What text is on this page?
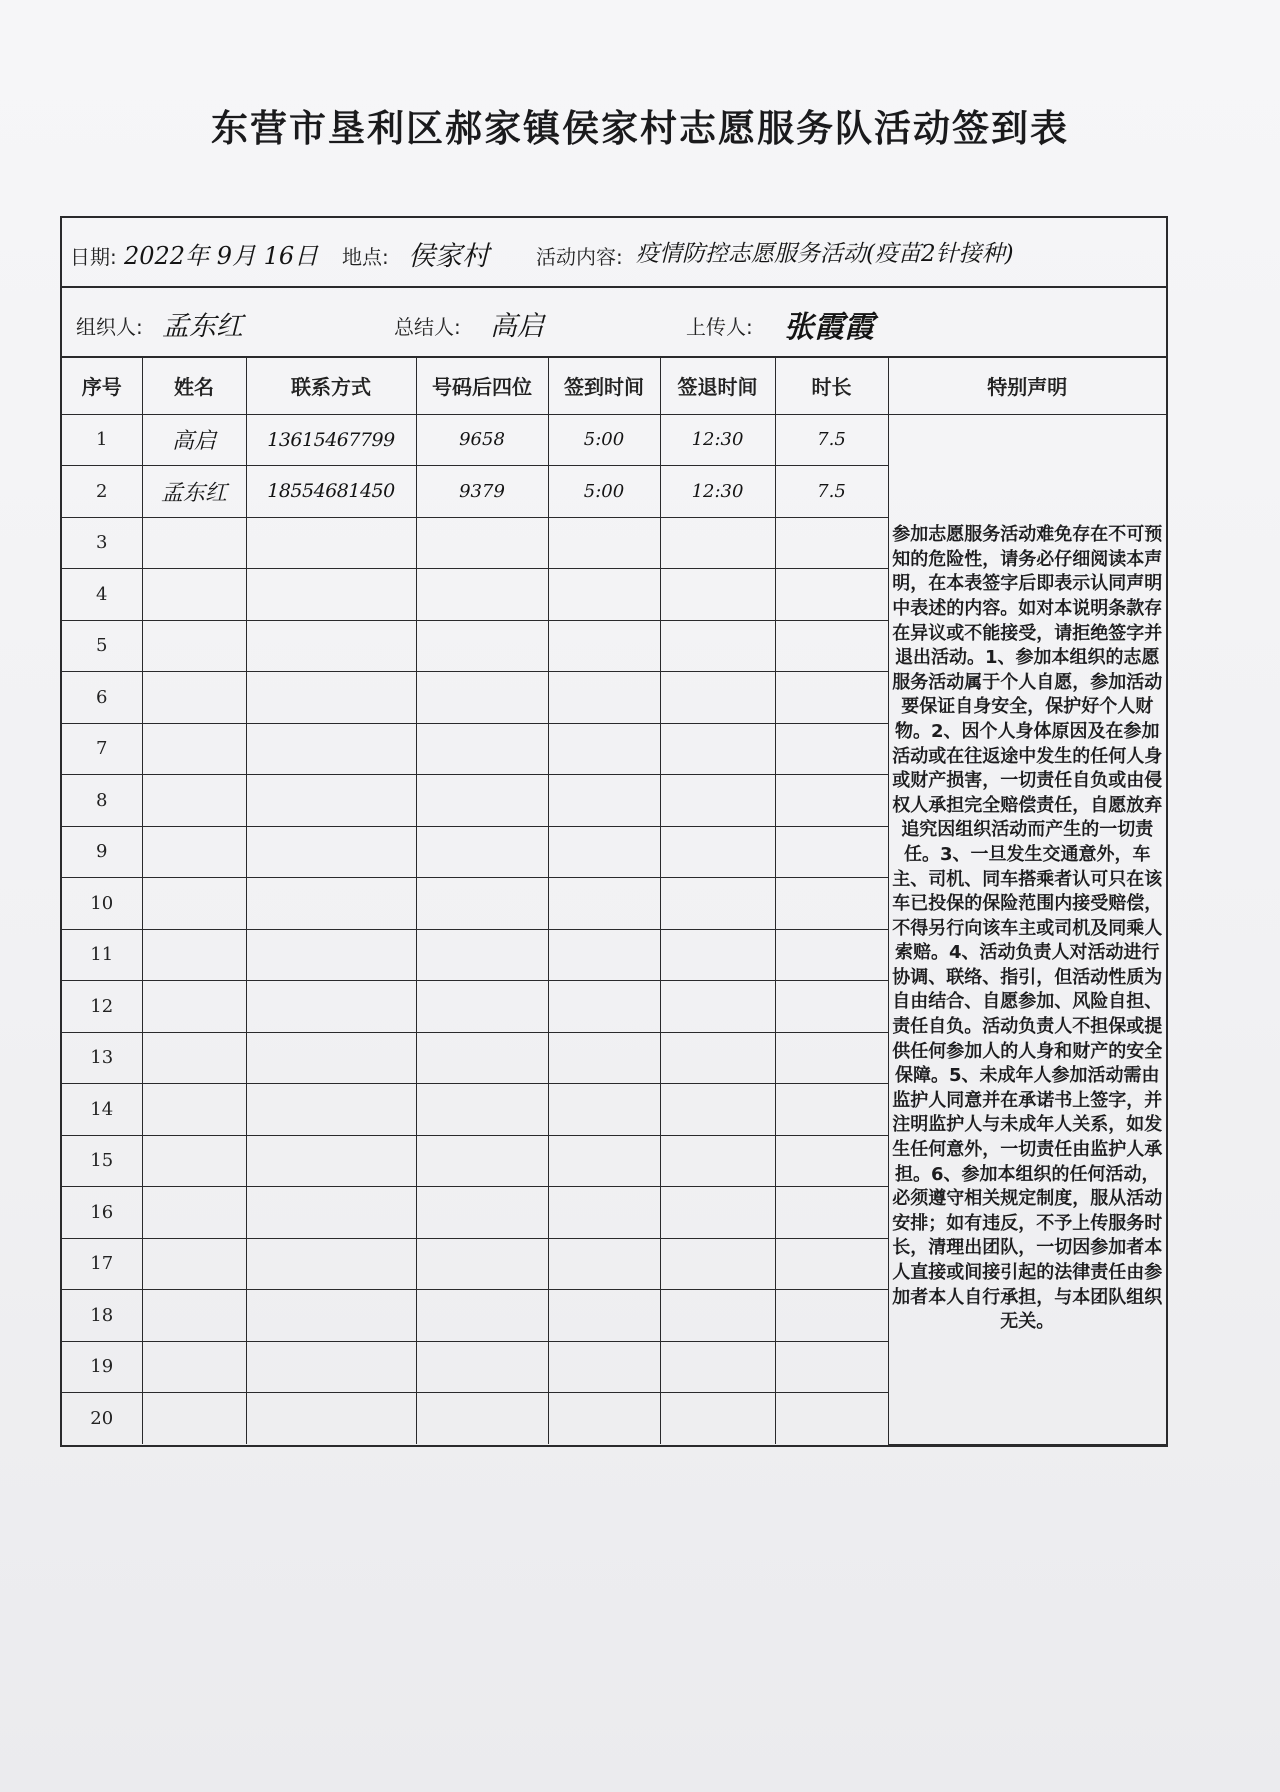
东营市垦利区郝家镇侯家村志愿服务队活动签到表
日期: 2022年 9月 16日 地点: 侯家村 活动内容: 疫情防控志愿服务活动(疫苗2针接种)
组织人: 孟东红	总结人: 高启	上传人: 张霞霞
序号	姓名	联系方式	号码后四位	签到时间	签退时间	时长	特别声明
1	高启	13615467799	9658	5:00	12:30	7.5	参加志愿服务活动难免存在不可预知的危险性，请务必仔细阅读本声明，在本表签字后即表示认同声明中表述的内容。如对本说明条款存在异议或不能接受，请拒绝签字并退出活动。1、参加本组织的志愿服务活动属于个人自愿，参加活动要保证自身安全，保护好个人财物。2、因个人身体原因及在参加活动或在往返途中发生的任何人身或财产损害，一切责任自负或由侵权人承担完全赔偿责任，自愿放弃追究因组织活动而产生的一切责任。3、一旦发生交通意外，车主、司机、同车搭乘者认可只在该车已投保的保险范围内接受赔偿，不得另行向该车主或司机及同乘人索赔。4、活动负责人对活动进行协调、联络、指引，但活动性质为自由结合、自愿参加、风险自担、责任自负。活动负责人不担保或提供任何参加人的人身和财产的安全保障。5、未成年人参加活动需由监护人同意并在承诺书上签字，并注明监护人与未成年人关系，如发生任何意外，一切责任由监护人承担。6、参加本组织的任何活动，必须遵守相关规定制度，服从活动安排；如有违反，不予上传服务时长，清理出团队，一切因参加者本人直接或间接引起的法律责任由参加者本人自行承担，与本团队组织无关。
2	孟东红	18554681450	9379	5:00	12:30	7.5	
3							
4							
5							
6							
7							
8							
9							
10							
11							
12							
13							
14							
15							
16							
17							
18							
19							
20							
